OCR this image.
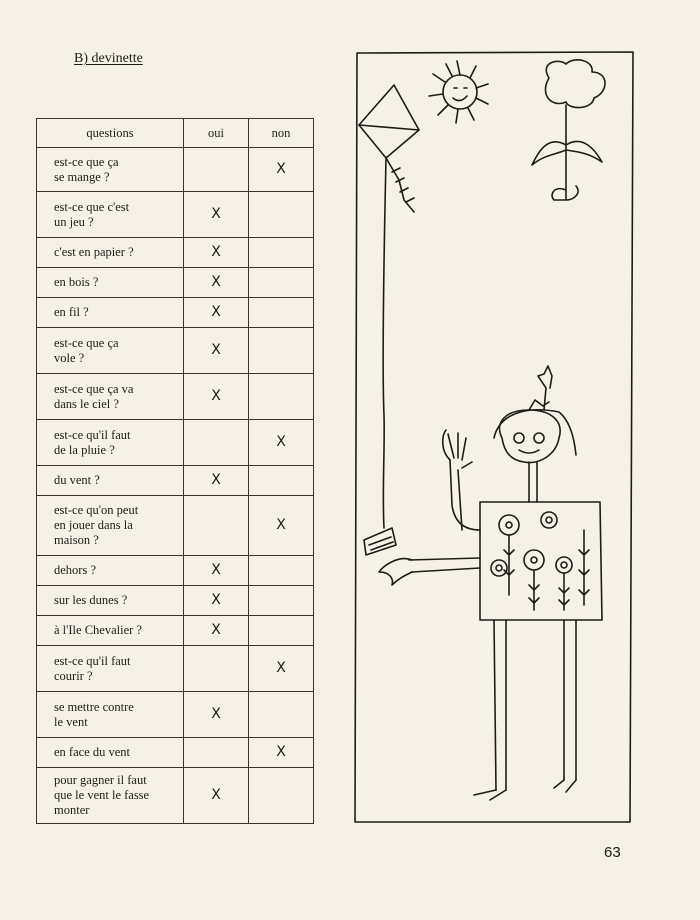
B) devinette
questions	oui	non
est-ce que ça
se mange ?		X
est-ce que c'est
un jeu ?	X	
c'est en papier ?	X	
en bois ?	X	
en fil ?	X	
est-ce que ça
vole ?	X	
est-ce que ça va
dans le ciel ?	X	
est-ce qu'il faut
de la pluie ?		X
du vent ?	X	
est-ce qu'on peut
en jouer dans la
maison ?		X
dehors ?	X	
sur les dunes ?	X	
à l'Ile Chevalier ?	X	
est-ce qu'il faut
courir ?		X
se mettre contre
le vent	X	
en face du vent		X
pour gagner il faut
que le vent le fasse
monter	X	
63
